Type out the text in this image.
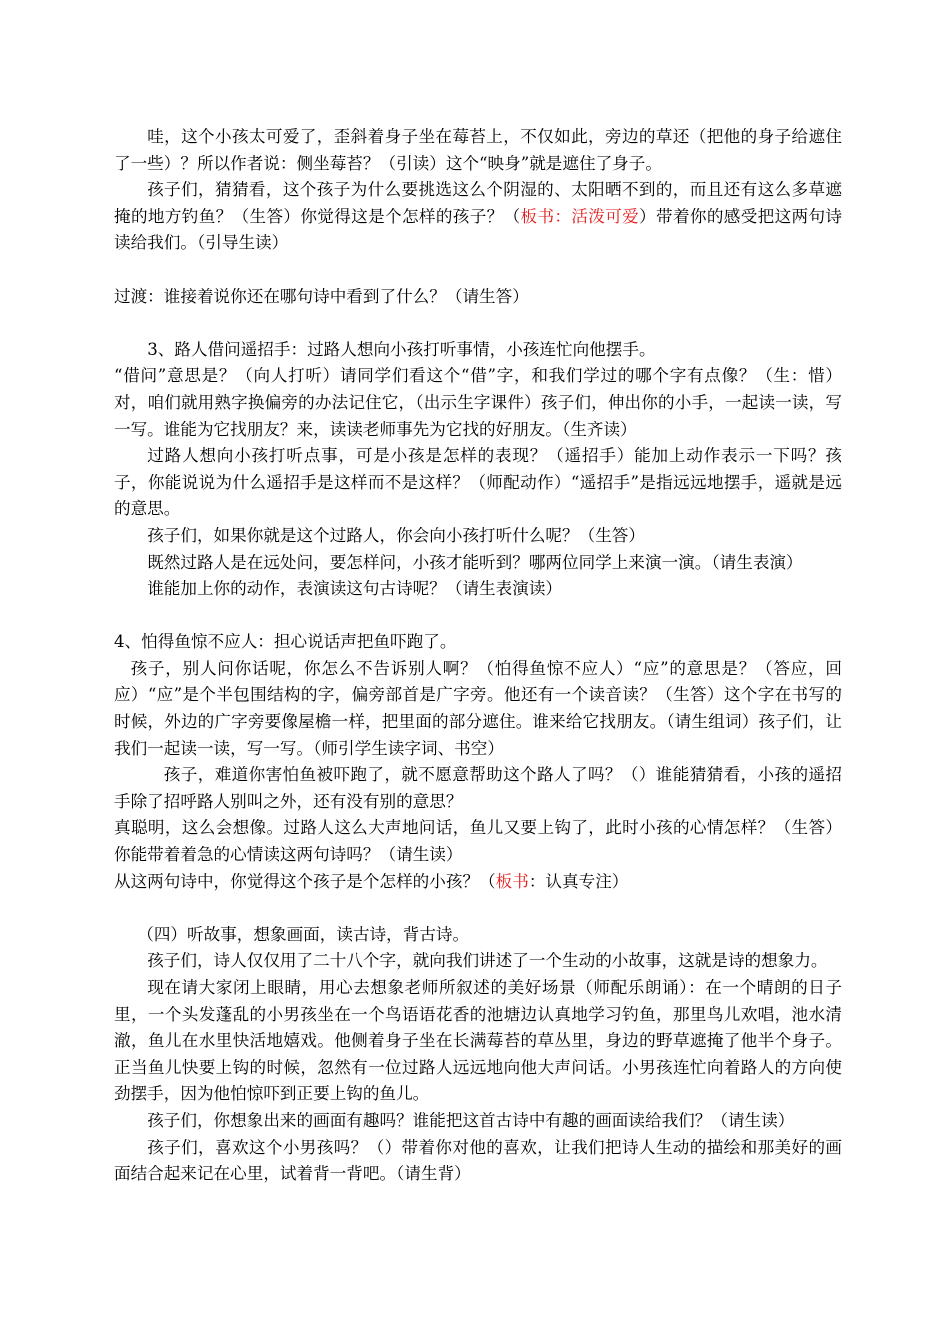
哇，这个小孩太可爱了，歪斜着身子坐在莓苔上，不仅如此，旁边的草还（把他的身子给遮住了一些）？所以作者说：侧坐莓苔？（引读）这个“映身”就是遮住了身子。

孩子们，猜猜看，这个孩子为什么要挑选这么个阴湿的、太阳晒不到的，而且还有这么多草遮掩的地方钓鱼？（生答）你觉得这是个怎样的孩子？（板书：活泼可爱）带着你的感受把这两句诗读给我们。（引导生读）

过渡：谁接着说你还在哪句诗中看到了什么？（请生答）

3、路人借问遥招手：过路人想向小孩打听事情，小孩连忙向他摆手。

“借问”意思是？（向人打听）请同学们看这个“借”字，和我们学过的哪个字有点像？（生：惜）对，咱们就用熟字换偏旁的办法记住它，（出示生字课件）孩子们，伸出你的小手，一起读一读，写一写。谁能为它找朋友？来，读读老师事先为它找的好朋友。（生齐读）

过路人想向小孩打听点事，可是小孩是怎样的表现？（遥招手）能加上动作表示一下吗？孩子，你能说说为什么遥招手是这样而不是这样？（师配动作）“遥招手”是指远远地摆手，遥就是远的意思。

孩子们，如果你就是这个过路人，你会向小孩打听什么呢？（生答）

既然过路人是在远处问，要怎样问，小孩才能听到？哪两位同学上来演一演。（请生表演）

谁能加上你的动作，表演读这句古诗呢？（请生表演读）

4、怕得鱼惊不应人：担心说话声把鱼吓跑了。

孩子，别人问你话呢，你怎么不告诉别人啊？（怕得鱼惊不应人）“应”的意思是？（答应，回应）“应”是个半包围结构的字，偏旁部首是广字旁。他还有一个读音读？（生答）这个字在书写的时候，外边的广字旁要像屋檐一样，把里面的部分遮住。谁来给它找朋友。（请生组词）孩子们，让我们一起读一读，写一写。（师引学生读字词、书空）

孩子，难道你害怕鱼被吓跑了，就不愿意帮助这个路人了吗？（）谁能猜猜看，小孩的遥招手除了招呼路人别叫之外，还有没有别的意思？

真聪明，这么会想像。过路人这么大声地问话，鱼儿又要上钩了，此时小孩的心情怎样？（生答）你能带着着急的心情读这两句诗吗？（请生读）

从这两句诗中，你觉得这个孩子是个怎样的小孩？（板书：认真专注）

（四）听故事，想象画面，读古诗，背古诗。

孩子们，诗人仅仅用了二十八个字，就向我们讲述了一个生动的小故事，这就是诗的想象力。

现在请大家闭上眼睛，用心去想象老师所叙述的美好场景（师配乐朗诵）：在一个晴朗的日子里，一个头发蓬乱的小男孩坐在一个鸟语语花香的池塘边认真地学习钓鱼，那里鸟儿欢唱，池水清澈，鱼儿在水里快活地嬉戏。他侧着身子坐在长满莓苔的草丛里，身边的野草遮掩了他半个身子。正当鱼儿快要上钩的时候，忽然有一位过路人远远地向他大声问话。小男孩连忙向着路人的方向使劲摆手，因为他怕惊吓到正要上钩的鱼儿。

孩子们，你想象出来的画面有趣吗？谁能把这首古诗中有趣的画面读给我们？（请生读）

孩子们，喜欢这个小男孩吗？（）带着你对他的喜欢，让我们把诗人生动的描绘和那美好的画面结合起来记在心里，试着背一背吧。（请生背）
